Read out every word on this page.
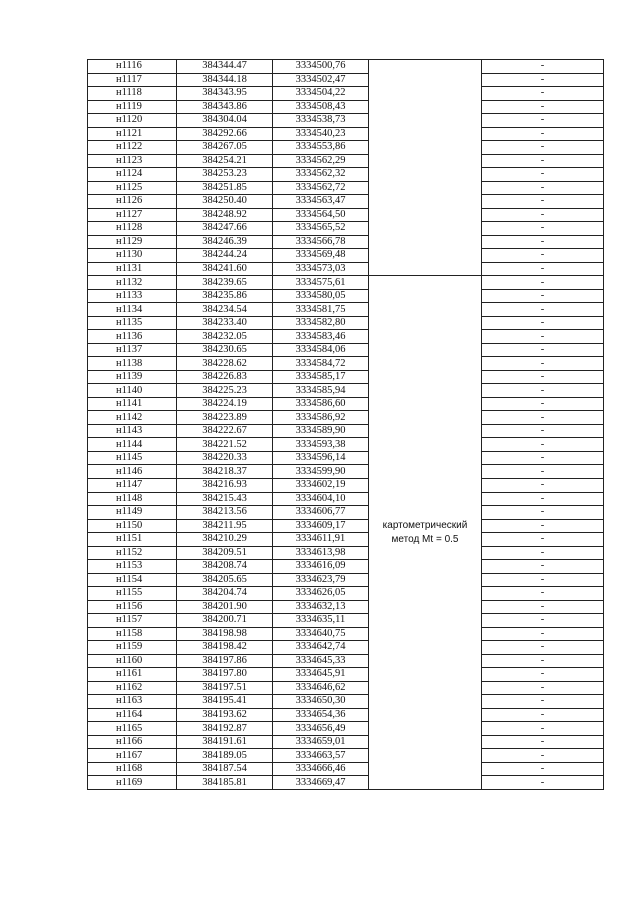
н1116	384344.47	3334500,76		-
н1117	384344.18	3334502,47		-
н1118	384343.95	3334504,22		-
н1119	384343.86	3334508,43		-
н1120	384304.04	3334538,73		-
н1121	384292.66	3334540,23		-
н1122	384267.05	3334553,86		-
н1123	384254.21	3334562,29		-
н1124	384253.23	3334562,32		-
н1125	384251.85	3334562,72		-
н1126	384250.40	3334563,47		-
н1127	384248.92	3334564,50		-
н1128	384247.66	3334565,52		-
н1129	384246.39	3334566,78		-
н1130	384244.24	3334569,48		-
н1131	384241.60	3334573,03		-
н1132	384239.65	3334575,61	картометрический метод Mt = 0.5	-
н1133	384235.86	3334580,05		-
н1134	384234.54	3334581,75		-
н1135	384233.40	3334582,80		-
н1136	384232.05	3334583,46		-
н1137	384230.65	3334584,06		-
н1138	384228.62	3334584,72		-
н1139	384226.83	3334585,17		-
н1140	384225.23	3334585,94		-
н1141	384224.19	3334586,60		-
н1142	384223.89	3334586,92		-
н1143	384222.67	3334589,90		-
н1144	384221.52	3334593,38		-
н1145	384220.33	3334596,14		-
н1146	384218.37	3334599,90		-
н1147	384216.93	3334602,19		-
н1148	384215.43	3334604,10		-
н1149	384213.56	3334606,77		-
н1150	384211.95	3334609,17		-
н1151	384210.29	3334611,91		-
н1152	384209.51	3334613,98		-
н1153	384208.74	3334616,09		-
н1154	384205.65	3334623,79		-
н1155	384204.74	3334626,05		-
н1156	384201.90	3334632,13		-
н1157	384200.71	3334635,11		-
н1158	384198.98	3334640,75		-
н1159	384198.42	3334642,74		-
н1160	384197.86	3334645,33		-
н1161	384197.80	3334645,91		-
н1162	384197.51	3334646,62		-
н1163	384195.41	3334650,30		-
н1164	384193.62	3334654,36		-
н1165	384192.87	3334656,49		-
н1166	384191.61	3334659,01		-
н1167	384189.05	3334663,57		-
н1168	384187.54	3334666,46		-
н1169	384185.81	3334669,47		-
